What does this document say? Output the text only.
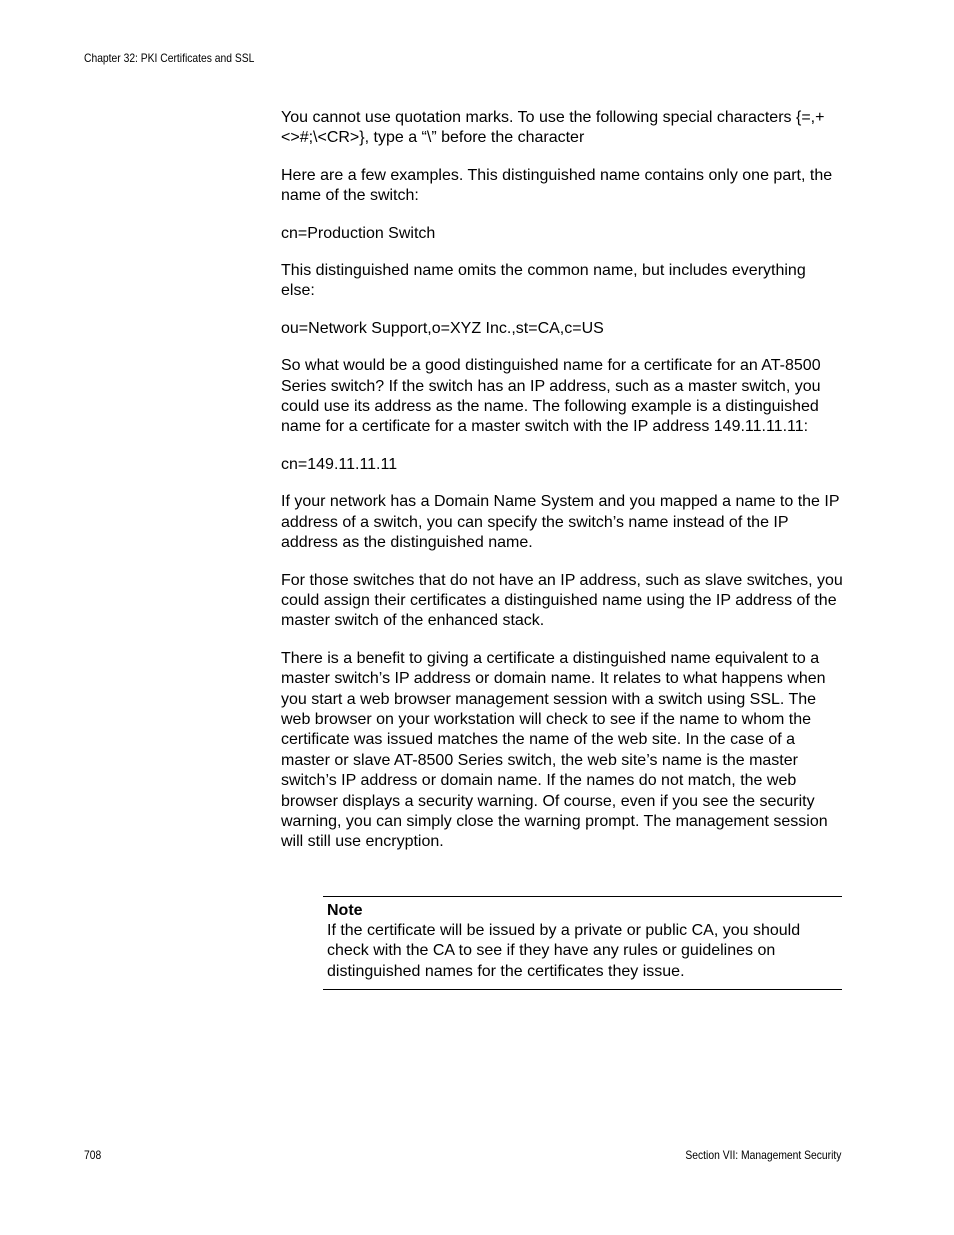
Chapter 32: PKI Certificates and SSL

You cannot use quotation marks. To use the following special characters {=,+<>#;\<CR>}, type a “\” before the character

Here are a few examples. This distinguished name contains only one part, the name of the switch:

cn=Production Switch

This distinguished name omits the common name, but includes everything else:

ou=Network Support,o=XYZ Inc.,st=CA,c=US

So what would be a good distinguished name for a certificate for an AT-8500 Series switch? If the switch has an IP address, such as a master switch, you could use its address as the name. The following example is a distinguished name for a certificate for a master switch with the IP address 149.11.11.11:

cn=149.11.11.11

If your network has a Domain Name System and you mapped a name to the IP address of a switch, you can specify the switch’s name instead of the IP address as the distinguished name.

For those switches that do not have an IP address, such as slave switches, you could assign their certificates a distinguished name using the IP address of the master switch of the enhanced stack.

There is a benefit to giving a certificate a distinguished name equivalent to a master switch’s IP address or domain name. It relates to what happens when you start a web browser management session with a switch using SSL. The web browser on your workstation will check to see if the name to whom the certificate was issued matches the name of the web site. In the case of a master or slave AT-8500 Series switch, the web site’s name is the master switch’s IP address or domain name. If the names do not match, the web browser displays a security warning. Of course, even if you see the security warning, you can simply close the warning prompt. The management session will still use encryption.

Note

If the certificate will be issued by a private or public CA, you should check with the CA to see if they have any rules or guidelines on distinguished names for the certificates they issue.

708	Section VII: Management Security
